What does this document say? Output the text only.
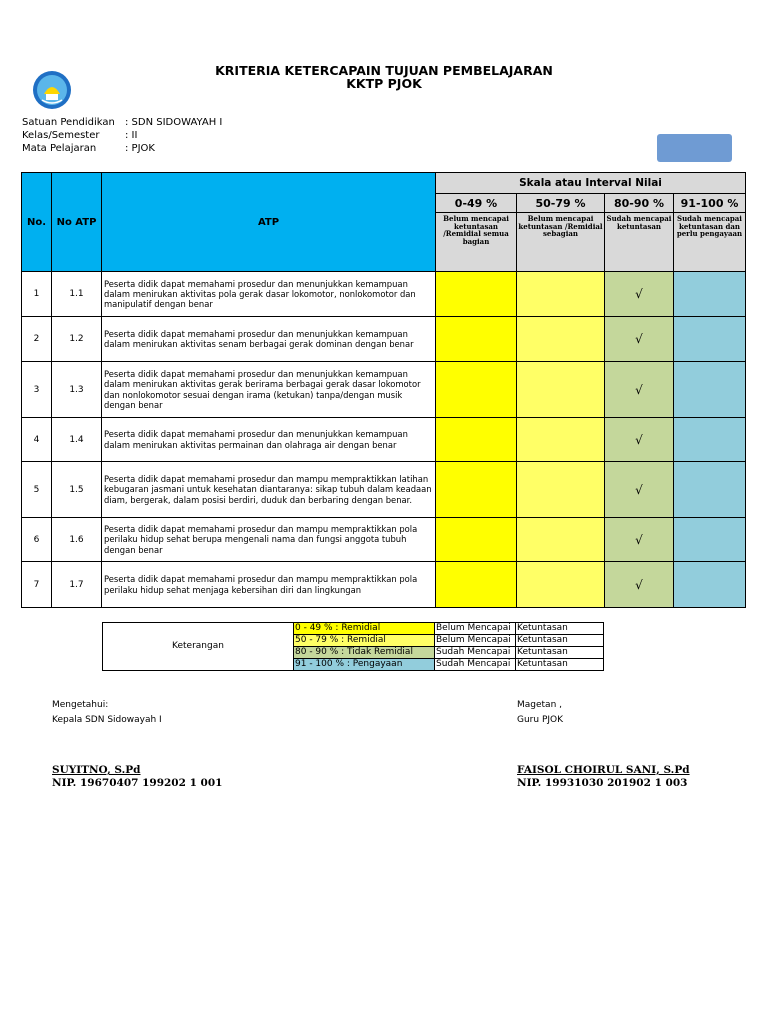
KRITERIA KETERCAPAIN TUJUAN PEMBELAJARAN
KKTP PJOK
Satuan Pendidikan	: SDN SIDOWAYAH I
Kelas/Semester	: II
Mata Pelajaran	: PJOK
No.	No ATP	ATP	Skala atau Interval Nilai			
			0-49 %	50-79 %	80-90 %	91-100 %
			Belum mencapai ketuntasan /Remidial semua bagian	Belum mencapai ketuntasan /Remidial sebagian	Sudah mencapai ketuntasan	Sudah mencapai ketuntasan dan perlu pengayaan
1	1.1	Peserta didik dapat memahami prosedur dan menunjukkan kemampuan dalam menirukan aktivitas pola gerak dasar lokomotor, nonlokomotor dan manipulatif dengan benar			√	
2	1.2	Peserta didik dapat memahami prosedur dan menunjukkan kemampuan dalam menirukan aktivitas senam berbagai gerak dominan dengan benar			√	
3	1.3	Peserta didik dapat memahami prosedur dan menunjukkan kemampuan dalam menirukan aktivitas gerak berirama berbagai gerak dasar lokomotor dan nonlokomotor sesuai dengan irama (ketukan) tanpa/dengan musik dengan benar			√	
4	1.4	Peserta didik dapat memahami prosedur dan menunjukkan kemampuan dalam menirukan aktivitas permainan dan olahraga air dengan benar			√	
5	1.5	Peserta didik dapat memahami prosedur dan mampu mempraktikkan latihan kebugaran jasmani untuk kesehatan diantaranya: sikap tubuh dalam keadaan diam, bergerak, dalam posisi berdiri, duduk dan berbaring dengan benar.			√	
6	1.6	Peserta didik dapat memahami prosedur dan mampu mempraktikkan pola perilaku hidup sehat berupa mengenali nama dan fungsi anggota tubuh dengan benar			√	
7	1.7	Peserta didik dapat memahami prosedur dan mampu mempraktikkan pola perilaku hidup sehat menjaga kebersihan diri dan lingkungan			√	
Keterangan	0 - 49 % : Remidial	Belum Mencapai	Ketuntasan
	50 - 79 % : Remidial	Belum Mencapai	Ketuntasan
	80 - 90 % : Tidak Remidial	Sudah Mencapai	Ketuntasan
	91 - 100 % : Pengayaan	Sudah Mencapai	Ketuntasan
Mengetahui:
Kepala SDN Sidowayah I
Magetan ,
Guru PJOK
SUYITNO, S.Pd
NIP. 19670407 199202 1 001
FAISOL CHOIRUL SANI, S.Pd
NIP. 19931030 201902 1 003
